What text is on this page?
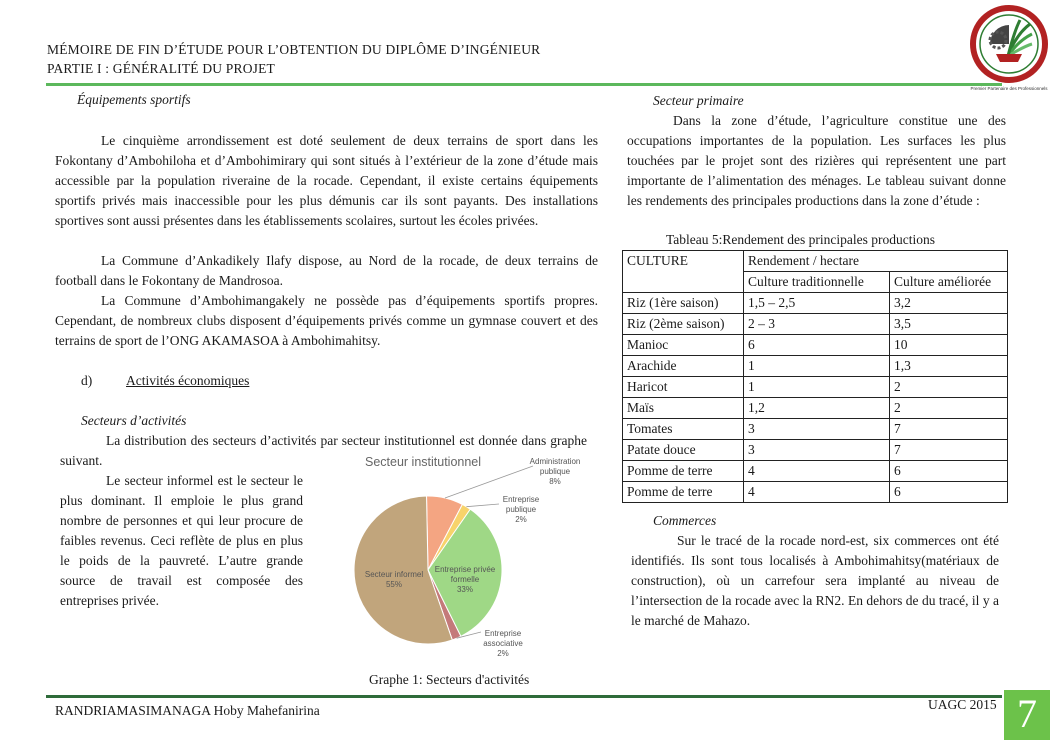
MÉMOIRE DE FIN D’ÉTUDE POUR L’OBTENTION DU DIPLÔME D’INGÉNIEUR
PARTIE I : GÉNÉRALITÉ DU PROJET
Premier Partenaire des Professionnels
Équipements sportifs
Le cinquième arrondissement est doté seulement de deux terrains de sport dans les Fokontany d’Ambohiloha et d’Ambohimirary qui sont situés à l’extérieur de la zone d’étude mais accessible par la population riveraine de la rocade. Cependant, il existe certains équipements sportifs privés mais inaccessible pour les plus démunis car ils sont payants. Des installations sportives sont aussi présentes dans les établissements scolaires, surtout les écoles privées.
La Commune d’Ankadikely Ilafy dispose, au Nord de la rocade, de deux terrains de football dans le Fokontany de Mandrosoa.
La Commune d’Ambohimangakely ne possède pas d’équipements sportifs propres. Cependant, de nombreux clubs disposent d’équipements privés comme un gymnase couvert et des terrains de sport de l’ONG AKAMASOA à Ambohimahitsy.
d)	Activités économiques
Secteurs d’activités
La distribution des secteurs d’activités par secteur institutionnel est donnée dans graphe suivant.
Le secteur informel est le secteur le plus dominant. Il emploie le plus grand nombre de personnes et qui leur procure de faibles revenus. Ceci reflète de plus en plus le poids de la pauvreté. L’autre grande source de travail est composée des entreprises privée.
Secteur institutionnel	Administration publique 8%
Entreprise publique 2%
Entreprise privée formelle 33%
Entreprise associative 2%
Secteur informel 55%
Graphe 1: Secteurs d'activités
Secteur primaire
Dans la zone d’étude, l’agriculture constitue une des occupations importantes de la population. Les surfaces les plus touchées par le projet sont des rizières qui représentent une part importante de l’alimentation des ménages. Le tableau suivant donne les rendements des principales productions dans la zone d’étude :
Tableau 5:Rendement des principales productions
CULTURE	Rendement / hectare	
	Culture traditionnelle	Culture améliorée
Riz (1ère saison)	1,5 – 2,5	3,2
Riz (2ème saison)	2 – 3	3,5
Manioc	6	10
Arachide	1	1,3
Haricot	1	2
Maïs	1,2	2
Tomates	3	7
Patate douce	3	7
Pomme de terre	4	6
Pomme de terre	4	6
Commerces
Sur le tracé de la rocade nord-est, six commerces ont été identifiés. Ils sont tous localisés à Ambohimahitsy(matériaux de construction), où un carrefour sera implanté au niveau de l’intersection de la rocade avec la RN2. En dehors de du tracé, il y a le marché de Mahazo.
RANDRIAMASIMANAGA Hoby Mahefanirina	UAGC 2015 7
